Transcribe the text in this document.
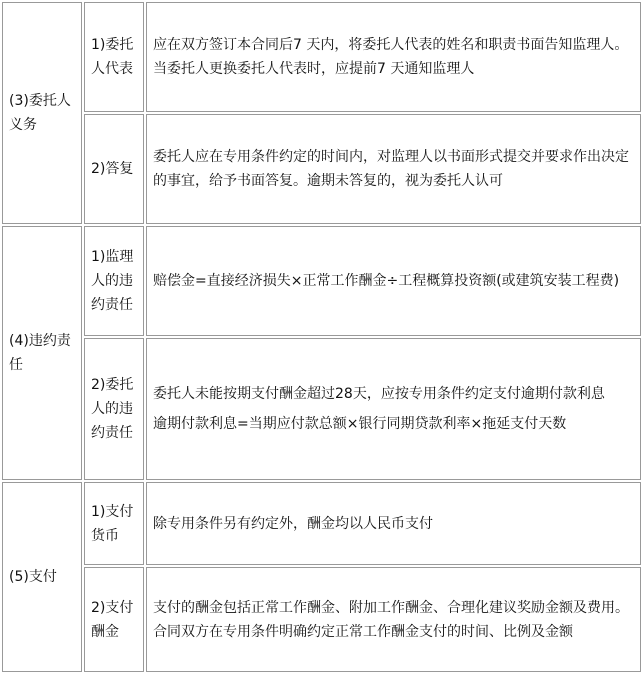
(3)委托人义务	1)委托人代表	应在双方签订本合同后7 天内，将委托人代表的姓名和职责书面告知监理人。当委托人更换委托人代表时，应提前7 天通知监理人

	2)答复	委托人应在专用条件约定的时间内，对监理人以书面形式提交并要求作出决定的事宜，给予书面答复。逾期未答复的，视为委托人认可

(4)违约责任	1)监理人的违约责任	赔偿金=直接经济损失×正常工作酬金÷工程概算投资额(或建筑安装工程费)

	2)委托人的违约责任	委托人未能按期支付酬金超过28天，应按专用条件约定支付逾期付款利息

逾期付款利息=当期应付款总额×银行同期贷款利率×拖延支付天数

(5)支付	1)支付货币	除专用条件另有约定外，酬金均以人民币支付

	2)支付酬金	支付的酬金包括正常工作酬金、附加工作酬金、合理化建议奖励金额及费用。合同双方在专用条件明确约定正常工作酬金支付的时间、比例及金额
